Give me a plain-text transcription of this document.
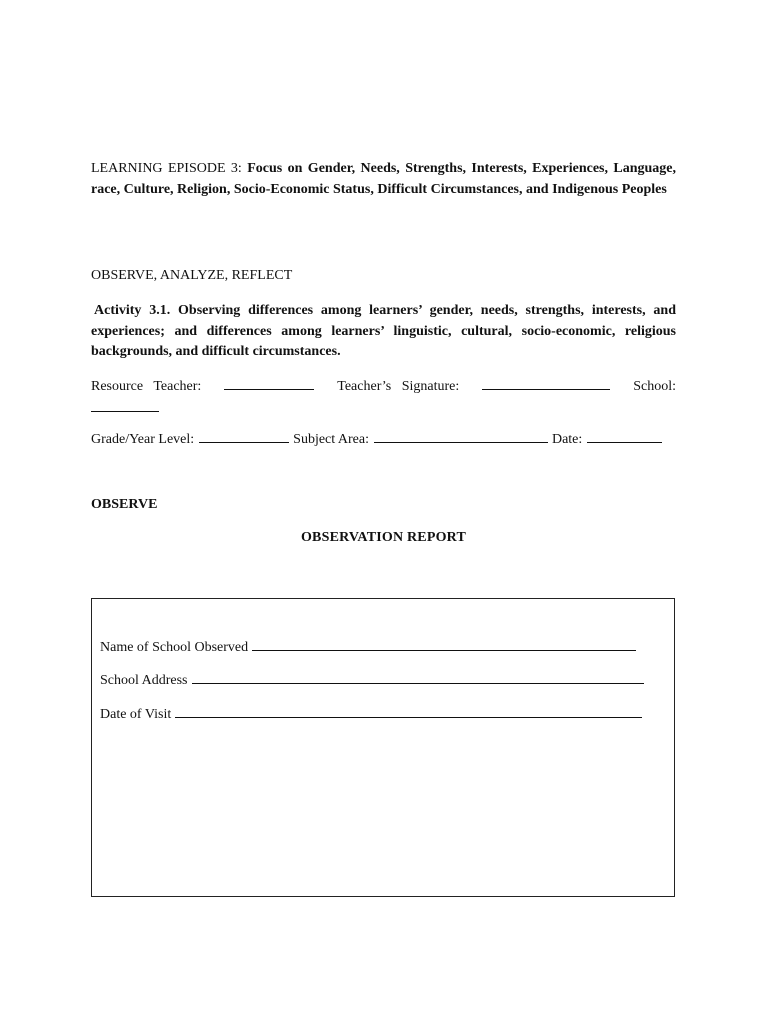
LEARNING EPISODE 3: Focus on Gender, Needs, Strengths, Interests, Experiences, Language, race, Culture, Religion, Socio-Economic Status, Difficult Circumstances, and Indigenous Peoples
OBSERVE, ANALYZE, REFLECT
Activity 3.1. Observing differences among learners’ gender, needs, strengths, interests, and experiences; and differences among learners’ linguistic, cultural, socio-economic, religious backgrounds, and difficult circumstances.
Resource   Teacher:	Teacher’s   Signature:	School:
Grade/Year Level:	Subject Area:	Date:
OBSERVE
OBSERVATION REPORT
Name of School Observed
School Address
Date of Visit
